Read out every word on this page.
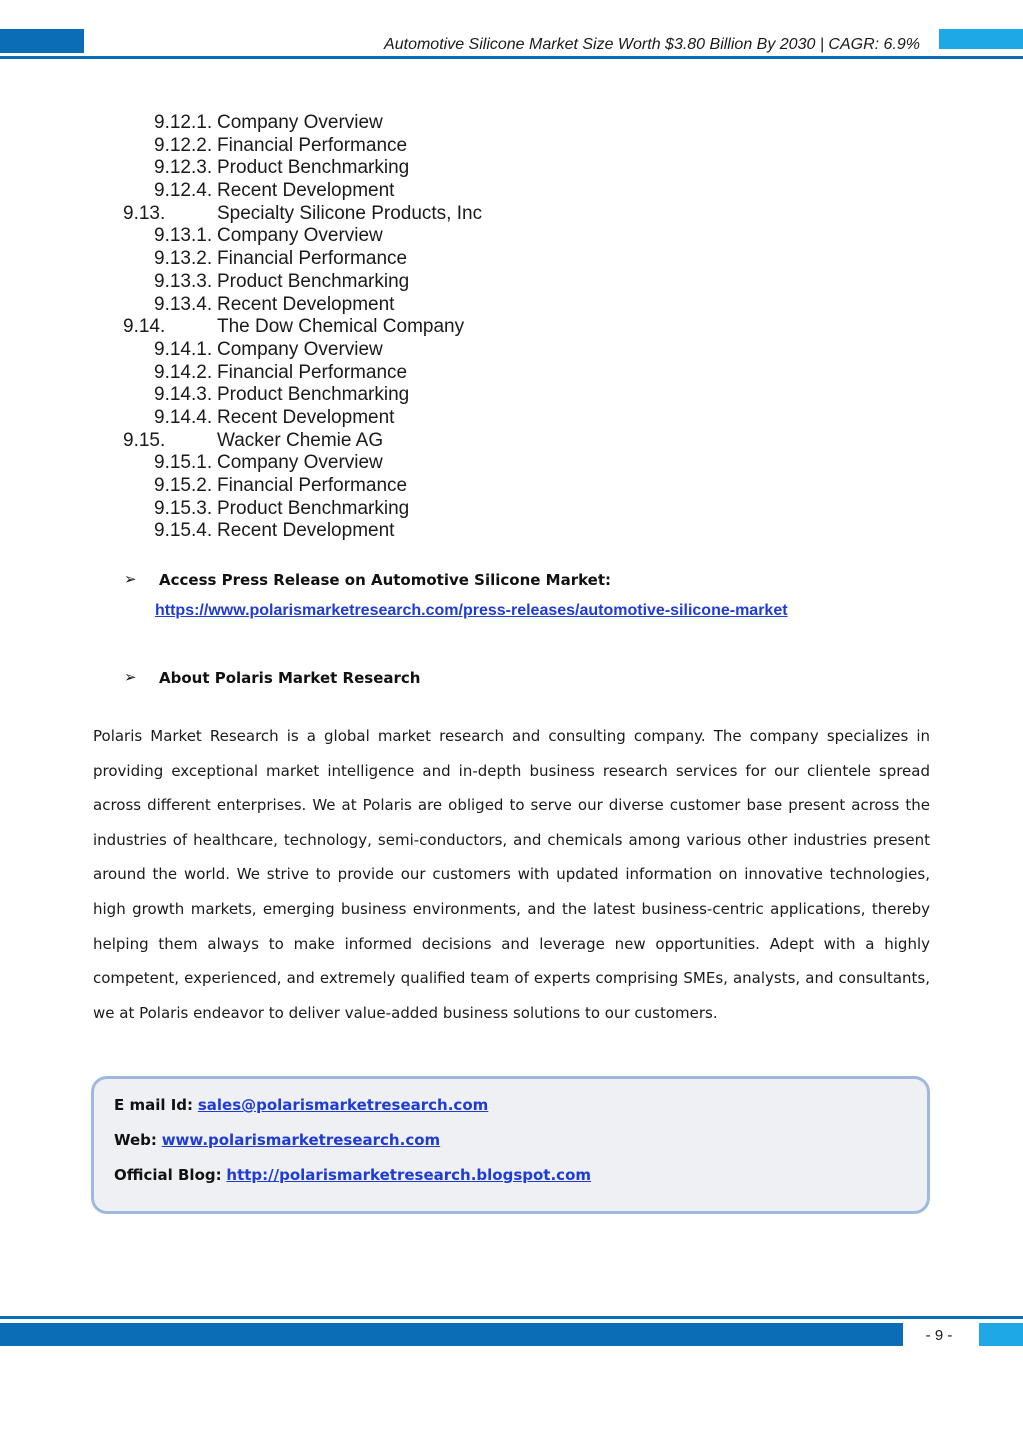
Automotive Silicone Market Size Worth $3.80 Billion By 2030 | CAGR: 6.9%
9.12.1. Company Overview
9.12.2. Financial Performance
9.12.3. Product Benchmarking
9.12.4. Recent Development
9.13.	Specialty Silicone Products, Inc
9.13.1. Company Overview
9.13.2. Financial Performance
9.13.3. Product Benchmarking
9.13.4. Recent Development
9.14.	The Dow Chemical Company
9.14.1. Company Overview
9.14.2. Financial Performance
9.14.3. Product Benchmarking
9.14.4. Recent Development
9.15.	Wacker Chemie AG
9.15.1. Company Overview
9.15.2. Financial Performance
9.15.3. Product Benchmarking
9.15.4. Recent Development
➢ Access Press Release on Automotive Silicone Market:
https://www.polarismarketresearch.com/press-releases/automotive-silicone-market
➢ About Polaris Market Research

Polaris Market Research is a global market research and consulting company. The company specializes in providing exceptional market intelligence and in-depth business research services for our clientele spread across different enterprises. We at Polaris are obliged to serve our diverse customer base present across the industries of healthcare, technology, semi-conductors, and chemicals among various other industries present around the world. We strive to provide our customers with updated information on innovative technologies, high growth markets, emerging business environments, and the latest business-centric applications, thereby helping them always to make informed decisions and leverage new opportunities. Adept with a highly competent, experienced, and extremely qualified team of experts comprising SMEs, analysts, and consultants, we at Polaris endeavor to deliver value-added business solutions to our customers.

E mail Id: sales@polarismarketresearch.com
Web: www.polarismarketresearch.com
Official Blog: http://polarismarketresearch.blogspot.com
- 9 -
